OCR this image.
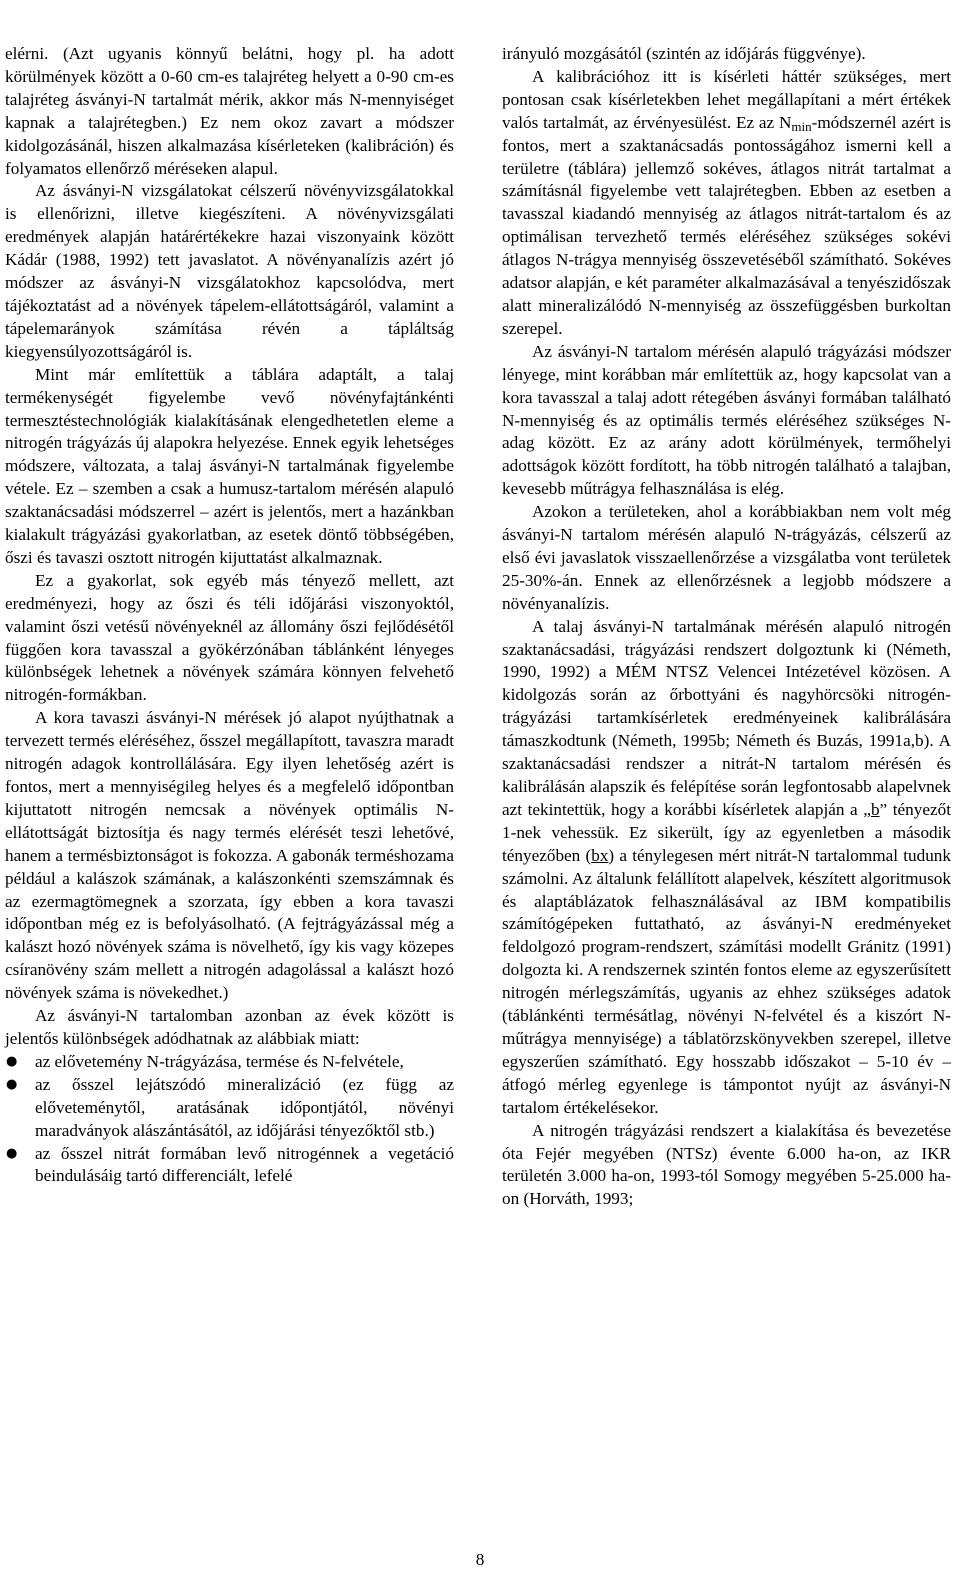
elérni. (Azt ugyanis könnyű belátni, hogy pl. ha adott körülmények között a 0-60 cm-es talajréteg helyett a 0-90 cm-es talajréteg ásványi-N tartalmát mérik, akkor más N-mennyiséget kapnak a talajrétegben.) Ez nem okoz zavart a módszer kidolgozásánál, hiszen alkalmazása kísérleteken (kalibráción) és folyamatos ellenőrző méréseken alapul.

Az ásványi-N vizsgálatokat célszerű növényvizsgálatokkal is ellenőrizni, illetve kiegészíteni. A növényvizsgálati eredmények alapján határértékekre hazai viszonyaink között Kádár (1988, 1992) tett javaslatot. A növényanalízis azért jó módszer az ásványi-N vizsgálatokhoz kapcsolódva, mert tájékoztatást ad a növények tápelem-ellátottságáról, valamint a tápelemarányok számítása révén a tápláltság kiegyensúlyozottságáról is.

Mint már említettük a táblára adaptált, a talaj termékenységét figyelembe vevő növényfajtánkénti termesztéstechnológiák kialakításának elengedhetetlen eleme a nitrogén trágyázás új alapokra helyezése. Ennek egyik lehetséges módszere, változata, a talaj ásványi-N tartalmának figyelembe vétele. Ez – szemben a csak a humusz-tartalom mérésén alapuló szaktanácsadási módszerrel – azért is jelentős, mert a hazánkban kialakult trágyázási gyakorlatban, az esetek döntő többségében, őszi és tavaszi osztott nitrogén kijuttatást alkalmaznak.

Ez a gyakorlat, sok egyéb más tényező mellett, azt eredményezi, hogy az őszi és téli időjárási viszonyoktól, valamint őszi vetésű növényeknél az állomány őszi fejlődésétől függően kora tavasszal a gyökérzónában táblánként lényeges különbségek lehetnek a növények számára könnyen felvehető nitrogén-formákban.

A kora tavaszi ásványi-N mérések jó alapot nyújthatnak a tervezett termés eléréséhez, ősszel megállapított, tavaszra maradt nitrogén adagok kontrollálására. Egy ilyen lehetőség azért is fontos, mert a mennyiségileg helyes és a megfelelő időpontban kijuttatott nitrogén nemcsak a növények optimális N-ellátottságát biztosítja és nagy termés elérését teszi lehetővé, hanem a termésbiztonságot is fokozza. A gabonák terméshozama például a kalászok számának, a kalászonkénti szemszámnak és az ezermagtömegnek a szorzata, így ebben a kora tavaszi időpontban még ez is befolyásolható. (A fejtrágyázással még a kalászt hozó növények száma is növelhető, így kis vagy közepes csíranövény szám mellett a nitrogén adagolással a kalászt hozó növények száma is növekedhet.)

Az ásványi-N tartalomban azonban az évek között is jelentős különbségek adódhatnak az alábbiak miatt:

● az elővetemény N-trágyázása, termése és N-felvétele,
● az ősszel lejátszódó mineralizáció (ez függ az előveteménytől, aratásának időpontjától, növényi maradványok alászántásától, az időjárási tényezőktől stb.)
● az ősszel nitrát formában levő nitrogénnek a vegetáció beindulásáig tartó differenciált, lefelé

irányuló mozgásától (szintén az időjárás függvénye).

A kalibrációhoz itt is kísérleti háttér szükséges, mert pontosan csak kísérletekben lehet megállapítani a mért értékek valós tartalmát, az érvényesülést. Ez az $N_{min}$-módszernél azért is fontos, mert a szaktanácsadás pontosságához ismerni kell a területre (táblára) jellemző sokéves, átlagos nitrát tartalmat a számításnál figyelembe vett talajrétegben. Ebben az esetben a tavasszal kiadandó mennyiség az átlagos nitrát-tartalom és az optimálisan tervezhető termés eléréséhez szükséges sokévi átlagos N-trágya mennyiség összevetéséből számítható. Sokéves adatsor alapján, e két paraméter alkalmazásával a tenyészidőszak alatt mineralizálódó N-mennyiség az összefüggésben burkoltan szerepel.

Az ásványi-N tartalom mérésén alapuló trágyázási módszer lényege, mint korábban már említettük az, hogy kapcsolat van a kora tavasszal a talaj adott rétegében ásványi formában található N-mennyiség és az optimális termés eléréséhez szükséges N-adag között. Ez az arány adott körülmények, termőhelyi adottságok között fordított, ha több nitrogén található a talajban, kevesebb műtrágya felhasználása is elég.

Azokon a területeken, ahol a korábbiakban nem volt még ásványi-N tartalom mérésén alapuló N-trágyázás, célszerű az első évi javaslatok visszaellenőrzése a vizsgálatba vont területek 25-30%-án. Ennek az ellenőrzésnek a legjobb módszere a növényanalízis.

A talaj ásványi-N tartalmának mérésén alapuló nitrogén szaktanácsadási, trágyázási rendszert dolgoztunk ki (Németh, 1990, 1992) a MÉM NTSZ Velencei Intézetével közösen. A kidolgozás során az őrbottyáni és nagyhörcsöki nitrogén-trágyázási tartamkísérletek eredményeinek kalibrálására támaszkodtunk (Németh, 1995b; Németh és Buzás, 1991a,b). A szaktanácsadási rendszer a nitrát-N tartalom mérésén és kalibrálásán alapszik és felépítése során legfontosabb alapelvnek azt tekintettük, hogy a korábbi kísérletek alapján a „b” tényezőt 1-nek vehessük. Ez sikerült, így az egyenletben a második tényezőben (bx) a ténylegesen mért nitrát-N tartalommal tudunk számolni. Az általunk felállított alapelvek, készített algoritmusok és alaptáblázatok felhasználásával az IBM kompatibilis számítógépeken futtatható, az ásványi-N eredményeket feldolgozó program-rendszert, számítási modellt Gránitz (1991) dolgozta ki. A rendszernek szintén fontos eleme az egyszerűsített nitrogén mérlegszámítás, ugyanis az ehhez szükséges adatok (táblánkénti termésátlag, növényi N-felvétel és a kiszórt N-műtrágya mennyisége) a táblatörzskönyvekben szerepel, illetve egyszerűen számítható. Egy hosszabb időszakot – 5-10 év – átfogó mérleg egyenlege is támpontot nyújt az ásványi-N tartalom értékelésekor.

A nitrogén trágyázási rendszert a kialakítása és bevezetése óta Fejér megyében (NTSz) évente 6.000 ha-on, az IKR területén 3.000 ha-on, 1993-tól Somogy megyében 5-25.000 ha-on (Horváth, 1993;

8
